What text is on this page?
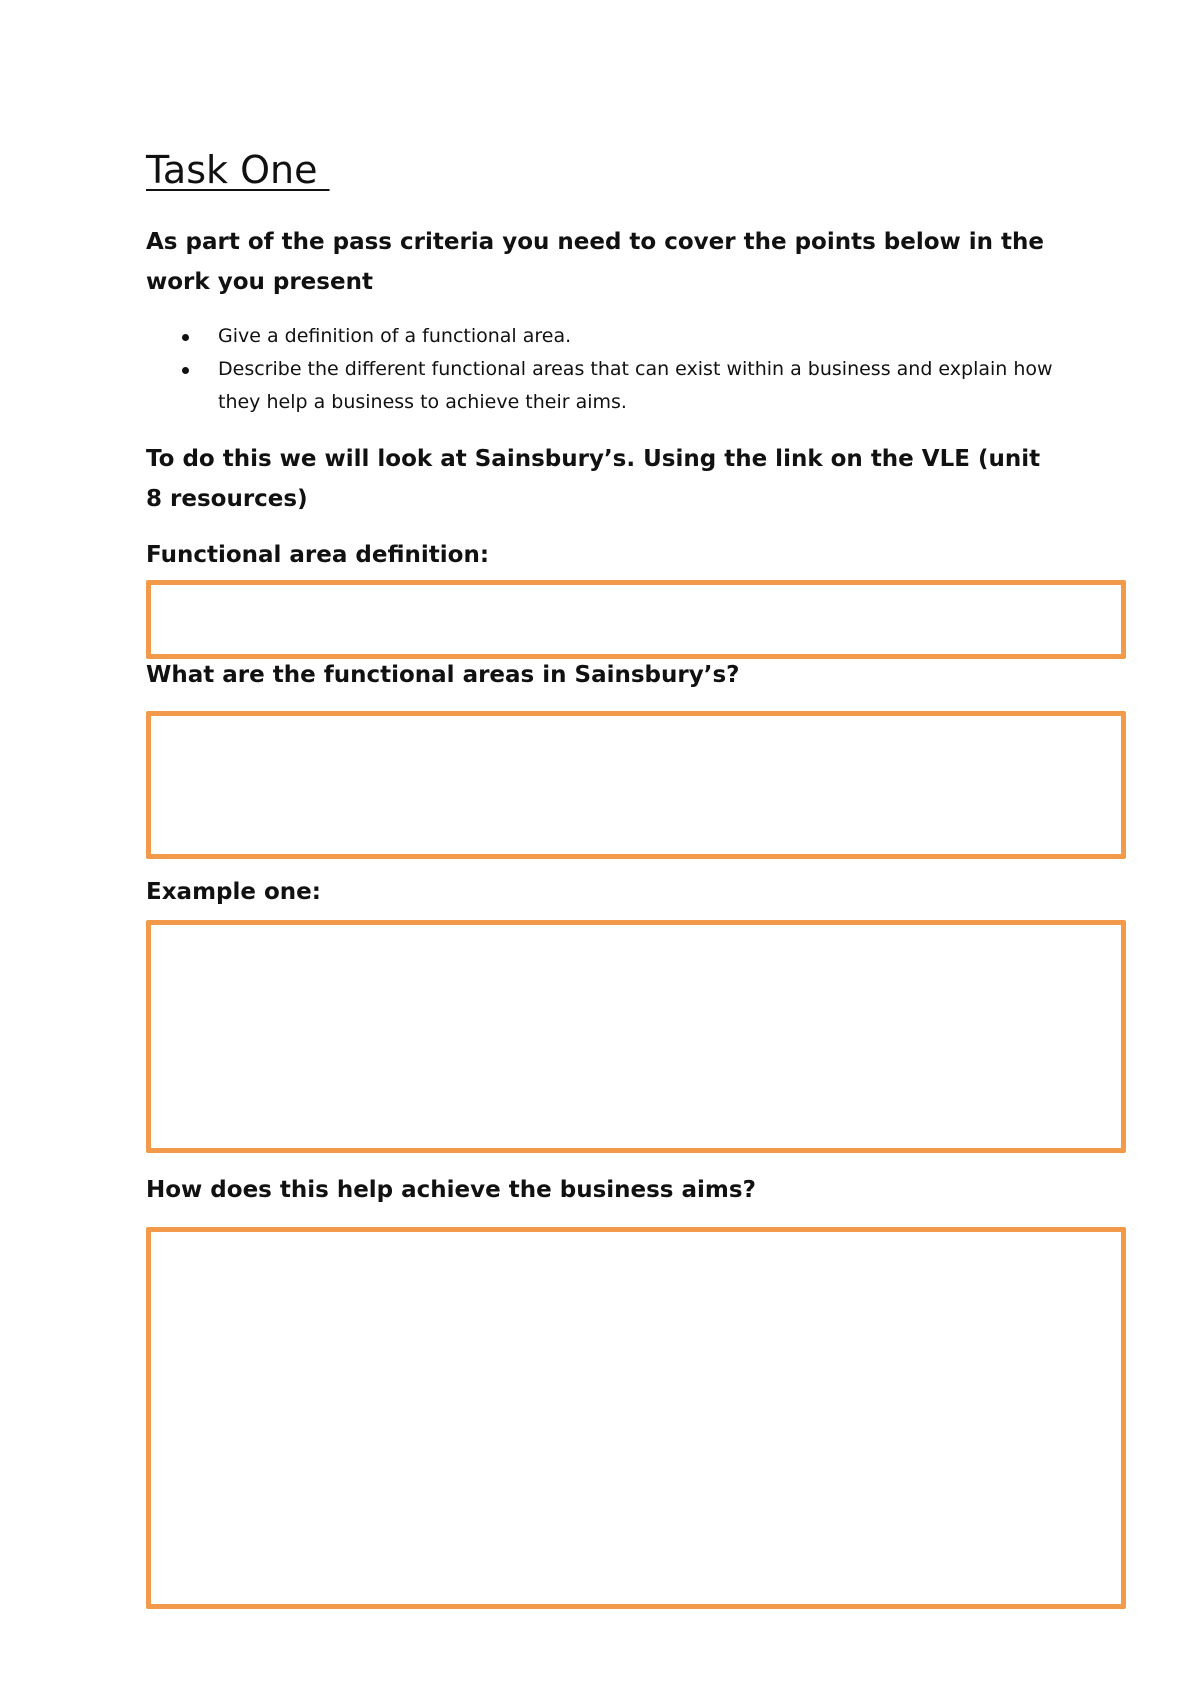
Task One

As part of the pass criteria you need to cover the points below in the work you present

Give a definition of a functional area.
Describe the different functional areas that can exist within a business and explain how they help a business to achieve their aims.

To do this we will look at Sainsbury’s. Using the link on the VLE (unit 8 resources)

Functional area definition:

What are the functional areas in Sainsbury’s?

Example one:

How does this help achieve the business aims?
